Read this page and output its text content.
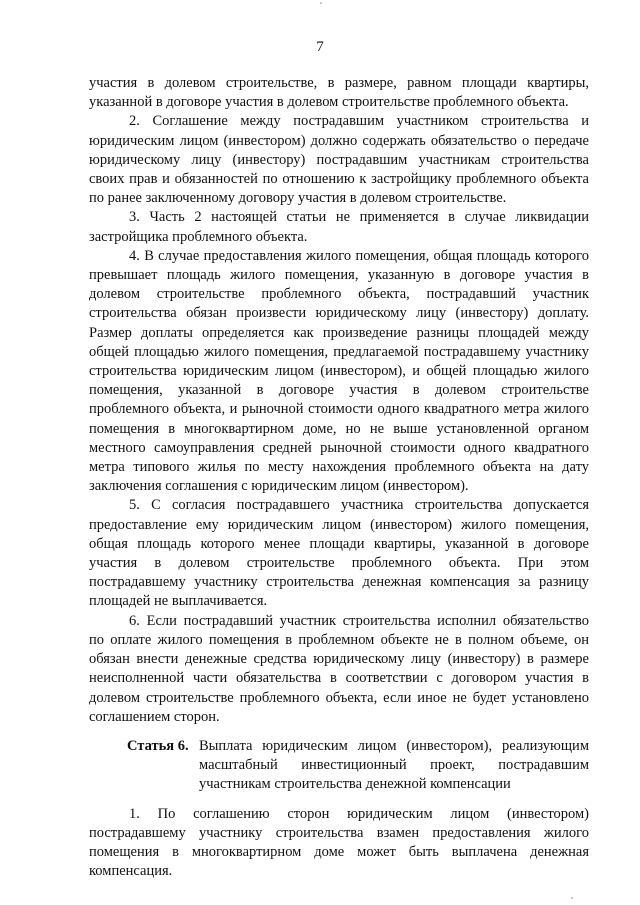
7

участия в долевом строительстве, в размере, равном площади квартиры, указанной в договоре участия в долевом строительстве проблемного объекта.

2. Соглашение между пострадавшим участником строительства и юридическим лицом (инвестором) должно содержать обязательство о передаче юридическому лицу (инвестору) пострадавшим участникам строительства своих прав и обязанностей по отношению к застройщику проблемного объекта по ранее заключенному договору участия в долевом строительстве.

3. Часть 2 настоящей статьи не применяется в случае ликвидации застройщика проблемного объекта.

4. В случае предоставления жилого помещения, общая площадь которого превышает площадь жилого помещения, указанную в договоре участия в долевом строительстве проблемного объекта, пострадавший участник строительства обязан произвести юридическому лицу (инвестору) доплату. Размер доплаты определяется как произведение разницы площадей между общей площадью жилого помещения, предлагаемой пострадавшему участнику строительства юридическим лицом (инвестором), и общей площадью жилого помещения, указанной в договоре участия в долевом строительстве проблемного объекта, и рыночной стоимости одного квадратного метра жилого помещения в многоквартирном доме, но не выше установленной органом местного самоуправления средней рыночной стоимости одного квадратного метра типового жилья по месту нахождения проблемного объекта на дату заключения соглашения с юридическим лицом (инвестором).

5. С согласия пострадавшего участника строительства допускается предоставление ему юридическим лицом (инвестором) жилого помещения, общая площадь которого менее площади квартиры, указанной в договоре участия в долевом строительстве проблемного объекта. При этом пострадавшему участнику строительства денежная компенсация за разницу площадей не выплачивается.

6. Если пострадавший участник строительства исполнил обязательство по оплате жилого помещения в проблемном объекте не в полном объеме, он обязан внести денежные средства юридическому лицу (инвестору) в размере неисполненной части обязательства в соответствии с договором участия в долевом строительстве проблемного объекта, если иное не будет установлено соглашением сторон.

Статья 6. Выплата юридическим лицом (инвестором), реализующим масштабный инвестиционный проект, пострадавшим участникам строительства денежной компенсации

1. По соглашению сторон юридическим лицом (инвестором) пострадавшему участнику строительства взамен предоставления жилого помещения в многоквартирном доме может быть выплачена денежная компенсация.
